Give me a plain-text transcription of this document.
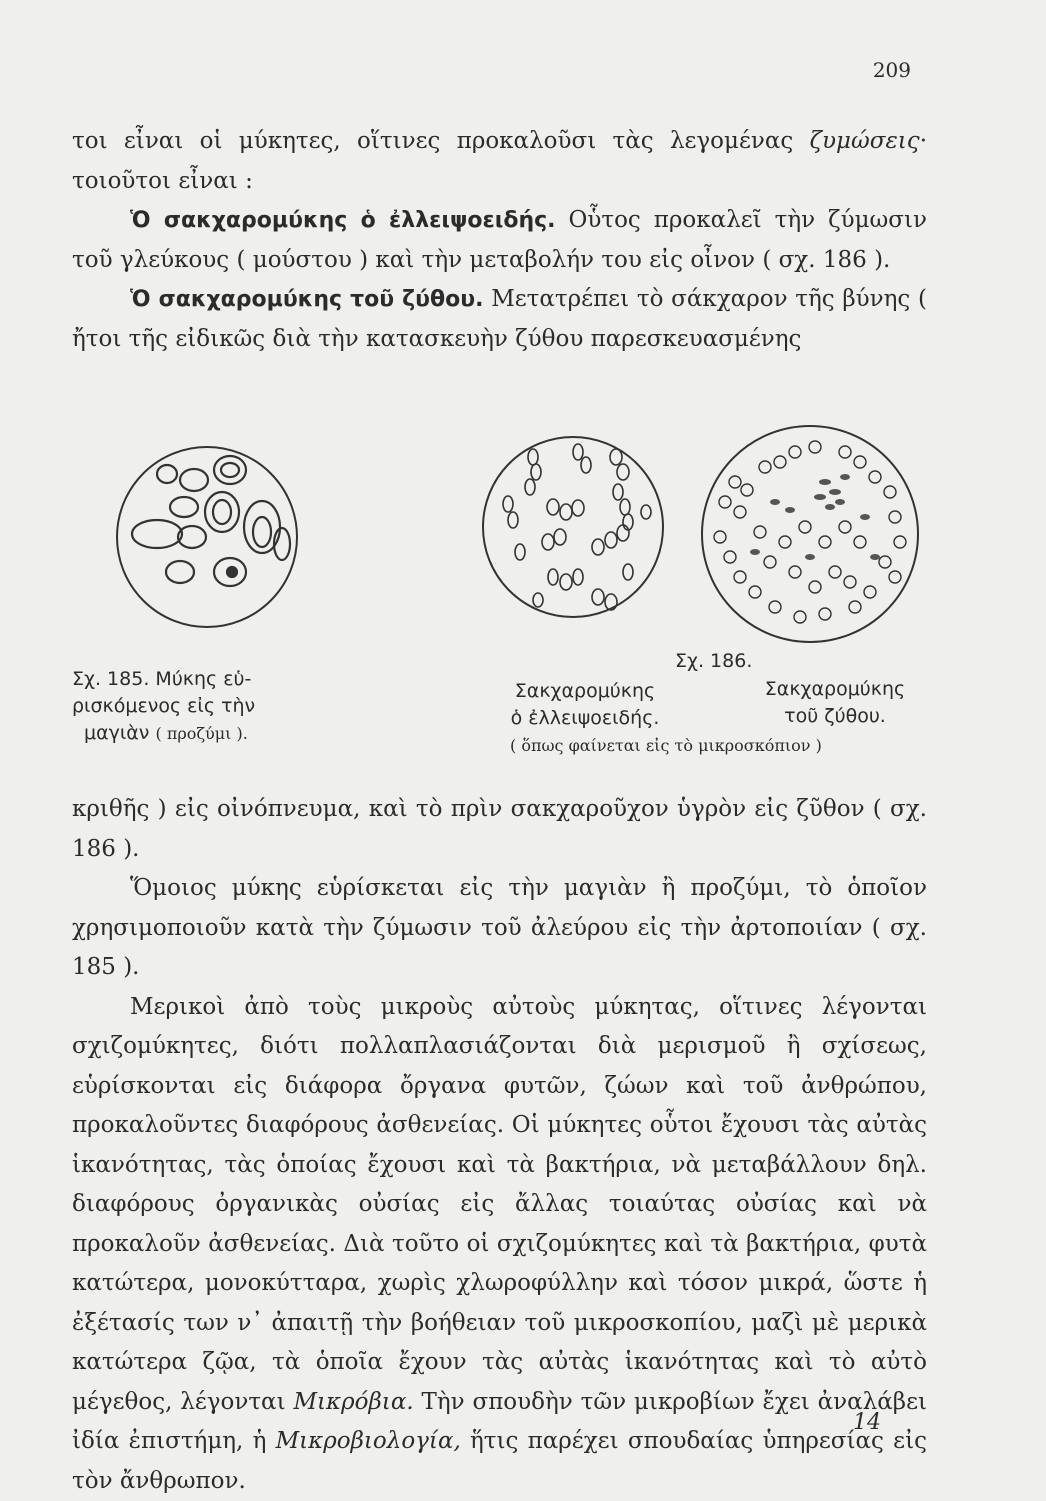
209

τοι εἶναι οἱ μύκητες, οἵτινες προκαλοῦσι τὰς λεγομένας ζυμώσεις· τοιοῦτοι εἶναι :

Ὁ σακχαρομύκης ὁ ἐλλειψοειδής. Οὗτος προκαλεῖ τὴν ζύμωσιν τοῦ γλεύκους ( μούστου ) καὶ τὴν μεταβολήν του εἰς οἶνον ( σχ. 186 ).

Ὁ σακχαρομύκης τοῦ ζύθου. Μετατρέπει τὸ σάκχαρον τῆς βύνης ( ἤτοι τῆς εἰδικῶς διὰ τὴν κατασκευὴν ζύθου παρεσκευασμένης

Σχ. 185. Μύκης εὑ-
ρισκόμενος εἰς τὴν
μαγιὰν ( προζύμι ).
Σχ. 186.
Σακχαρομύκης
ὁ ἐλλειψοειδής.
Σακχαρομύκης
τοῦ ζύθου.
( ὅπως φαίνεται εἰς τὸ μικροσκόπιον )

κριθῆς ) εἰς οἰνόπνευμα, καὶ τὸ πρὶν σακχαροῦχον ὑγρὸν εἰς ζῦθον ( σχ. 186 ).

Ὅμοιος μύκης εὑρίσκεται εἰς τὴν μαγιὰν ἢ προζύμι, τὸ ὁποῖον χρησιμοποιοῦν κατὰ τὴν ζύμωσιν τοῦ ἀλεύρου εἰς τὴν ἀρτοποιίαν ( σχ. 185 ).

Μερικοὶ ἀπὸ τοὺς μικροὺς αὐτοὺς μύκητας, οἵτινες λέγονται σχιζομύκητες, διότι πολλαπλασιάζονται διὰ μερισμοῦ ἢ σχίσεως, εὑρίσκονται εἰς διάφορα ὄργανα φυτῶν, ζώων καὶ τοῦ ἀνθρώπου, προκαλοῦντες διαφόρους ἀσθενείας. Οἱ μύκητες οὗτοι ἔχουσι τὰς αὐτὰς ἱκανότητας, τὰς ὁποίας ἔχουσι καὶ τὰ βακτήρια, νὰ μεταβάλλουν δηλ. διαφόρους ὀργανικὰς οὐσίας εἰς ἄλλας τοιαύτας οὐσίας καὶ νὰ προκαλοῦν ἀσθενείας. Διὰ τοῦτο οἱ σχιζομύκητες καὶ τὰ βακτήρια, φυτὰ κατώτερα, μονοκύτταρα, χωρὶς χλωροφύλλην καὶ τόσον μικρά, ὥστε ἡ ἐξέτασίς των ν᾽ ἀπαιτῇ τὴν βοήθειαν τοῦ μικροσκοπίου, μαζὶ μὲ μερικὰ κατώτερα ζῷα, τὰ ὁποῖα ἔχουν τὰς αὐτὰς ἱκανότητας καὶ τὸ αὐτὸ μέγεθος, λέγονται Μικρόβια. Τὴν σπουδὴν τῶν μικροβίων ἔχει ἀναλάβει ἰδία ἐπιστήμη, ἡ Μικροβιολογία, ἥτις παρέχει σπουδαίας ὑπηρεσίας εἰς τὸν ἄνθρωπον.

14
